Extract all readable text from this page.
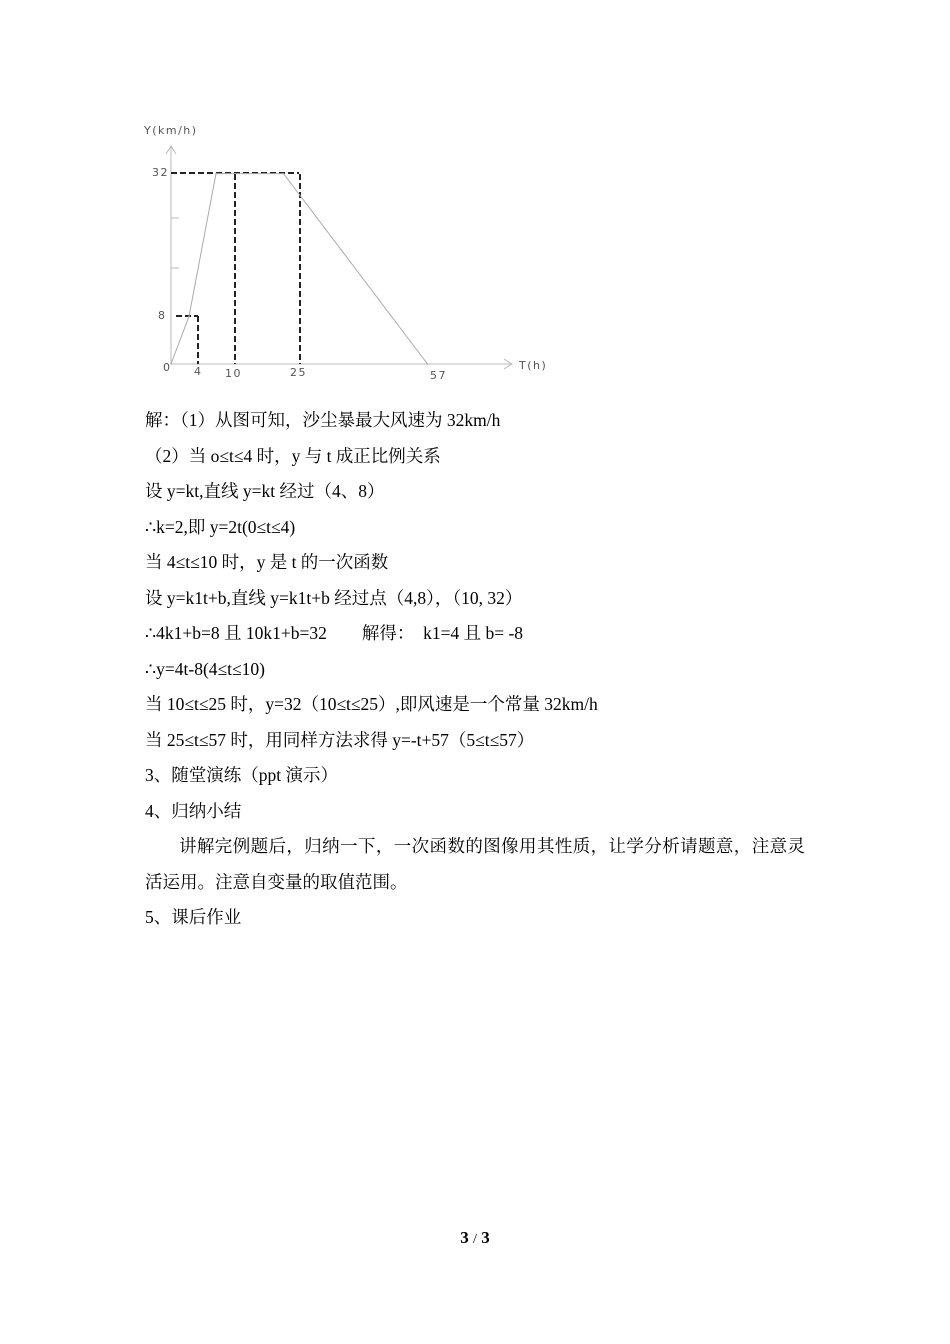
Y(km/h)
T(h)
32
8
0 4 10	25	57
解：（1）从图可知，沙尘暴最大风速为 32km/h
（2）当 o≤t≤4 时，y 与 t 成正比例关系
设 y=kt,直线 y=kt 经过（4、8）
∴k=2,即 y=2t(0≤t≤4)
当 4≤t≤10 时，y 是 t 的一次函数
设 y=k1t+b,直线 y=k1t+b 经过点（4,8），（10, 32）
∴4k1+b=8 且 10k1+b=32　　解得：　k1=4 且 b= -8
∴y=4t-8(4≤t≤10)
当 10≤t≤25 时，y=32（10≤t≤25）,即风速是一个常量 32km/h
当 25≤t≤57 时，用同样方法求得 y=-t+57（5≤t≤57）
3、随堂演练（ppt 演示）
4、归纳小结
讲解完例题后，归纳一下，一次函数的图像用其性质，让学分析请题意，注意灵活运用。注意自变量的取值范围。
5、课后作业
3 / 3
